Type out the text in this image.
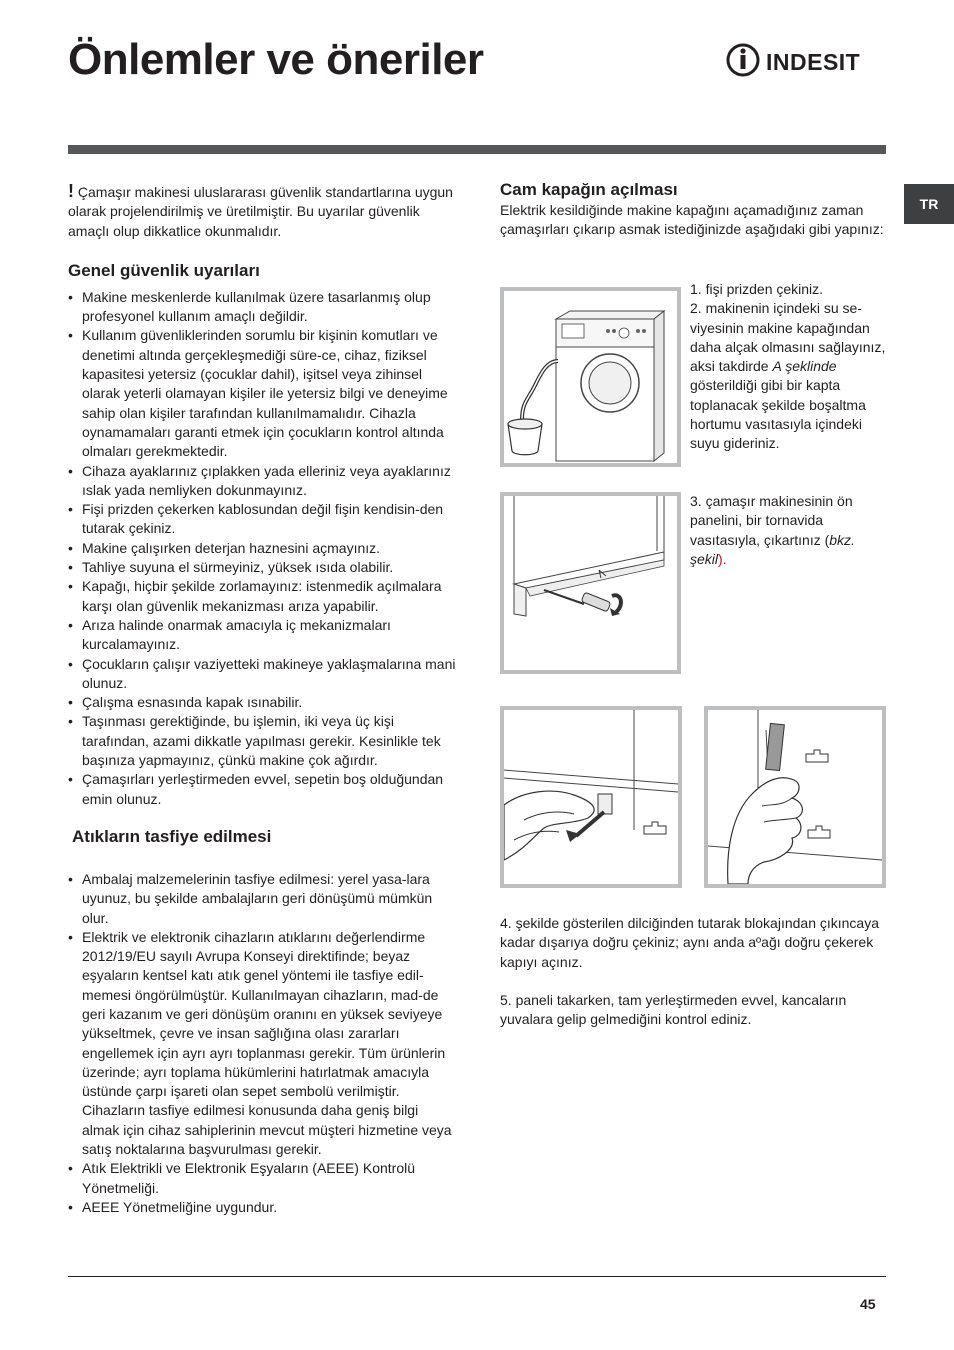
Önlemler ve öneriler	INDESIT
TR
! Çamaşır makinesi uluslararası güvenlik standartlarına uygun olarak projelendirilmiş ve üretilmiştir. Bu uyarılar güvenlik amaçlı olup dikkatlice okunmalıdır.
Genel güvenlik uyarıları
• Makine meskenlerde kullanılmak üzere tasarlanmış olup profesyonel kullanım amaçlı değildir.
• Kullanım güvenliklerinden sorumlu bir kişinin komutları ve denetimi altında gerçekleşmediği süre-ce, cihaz, fiziksel kapasitesi yetersiz (çocuklar dahil), işitsel veya zihinsel olarak yeterli olamayan kişiler ile yetersiz bilgi ve deneyime sahip olan kişiler tarafından kullanılmamalıdır. Cihazla oynamamaları garanti etmek için çocukların kontrol altında olmaları gerekmektedir.
• Cihaza ayaklarınız çıplakken yada elleriniz veya ayaklarınız ıslak yada nemliyken dokunmayınız.
• Fişi prizden çekerken kablosundan değil fişin kendisin-den tutarak çekiniz.
• Makine çalışırken deterjan haznesini açmayınız.
• Tahliye suyuna el sürmeyiniz, yüksek ısıda olabilir.
• Kapağı, hiçbir şekilde zorlamayınız: istenmedik açılmalara karşı olan güvenlik mekanizması arıza yapabilir.
• Arıza halinde onarmak amacıyla iç mekanizmaları kurcalamayınız.
• Çocukların çalışır vaziyetteki makineye yaklaşmalarına mani olunuz.
• Çalışma esnasında kapak ısınabilir.
• Taşınması gerektiğinde, bu işlemin, iki veya üç kişi tarafından, azami dikkatle yapılması gerekir. Kesinlikle tek başınıza yapmayınız, çünkü makine çok ağırdır.
• Çamaşırları yerleştirmeden evvel, sepetin boş olduğundan emin olunuz.
Atıkların tasfiye edilmesi
• Ambalaj malzemelerinin tasfiye edilmesi: yerel yasa-lara uyunuz, bu şekilde ambalajların geri dönüşümü mümkün olur.
• Elektrik ve elektronik cihazların atıklarını değerlendirme 2012/19/EU sayılı Avrupa Konseyi direktifinde; beyaz eşyaların kentsel katı atık genel yöntemi ile tasfiye edil-memesi öngörülmüştür. Kullanılmayan cihazların, mad-de geri kazanım ve geri dönüşüm oranını en yüksek seviyeye yükseltmek, çevre ve insan sağlığına olası zararları engellemek için ayrı ayrı toplanması gerekir. Tüm ürünlerin üzerinde; ayrı toplama hükümlerini hatırlatmak amacıyla üstünde çarpı işareti olan sepet sembolü verilmiştir.
Cihazların tasfiye edilmesi konusunda daha geniş bilgi almak için cihaz sahiplerinin mevcut müşteri hizmetine veya satış noktalarına başvurulması gerekir.
• Atık Elektrikli ve Elektronik Eşyaların (AEEE) Kontrolü Yönetmeliği.
• AEEE Yönetmeliğine uygundur.
Cam kapağın açılması
Elektrik kesildiğinde makine kapağını açamadığınız zaman çamaşırları çıkarıp asmak istediğinizde aşağıdaki gibi yapınız:
1. fişi prizden çekiniz.
2. makinenin içindeki su se-viyesinin makine kapağından daha alçak olmasını sağlayınız, aksi takdirde A şeklinde  gösterildiği gibi bir kapta toplanacak şekilde boşaltma hortumu vasıtasıyla içindeki suyu gideriniz.
3. çamaşır makinesinin ön panelini, bir tornavida vasıtasıyla, çıkartınız (bkz. şekil).
4. şekilde gösterilen dilciğinden tutarak blokajından çıkıncaya kadar dışarıya doğru çekiniz; aynı anda aºağı doğru çekerek kapıyı açınız.
5. paneli takarken, tam yerleştirmeden evvel, kancaların yuvalara gelip gelmediğini kontrol ediniz.
45
